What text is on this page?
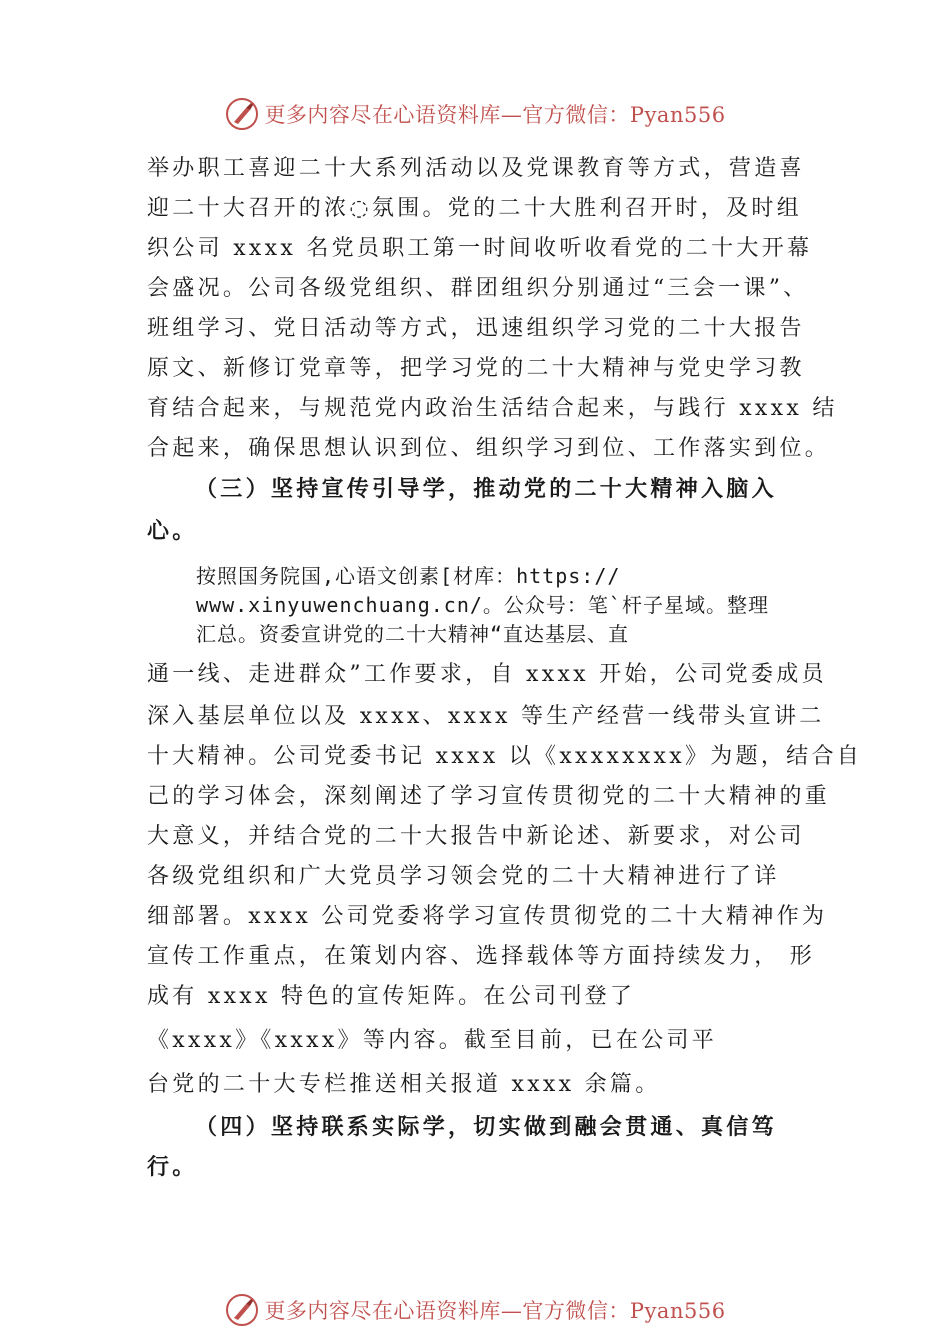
更多内容尽在心语资料库—官方微信：Pyan556
举办职工喜迎二十大系列活动以及党课教育等方式，营造喜
迎二十大召开的浓◌氛围。党的二十大胜利召开时，及时组
织公司 xxxx 名党员职工第一时间收听收看党的二十大开幕
会盛况。公司各级党组织、群团组织分别通过“三会一课”、
班组学习、党日活动等方式，迅速组织学习党的二十大报告
原文、新修订党章等，把学习党的二十大精神与党史学习教
育结合起来，与规范党内政治生活结合起来，与践行 xxxx 结
合起来，确保思想认识到位、组织学习到位、工作落实到位。
（三）坚持宣传引导学，推动党的二十大精神入脑入
心。
按照国务院国,心语文创素[材库：https://
www.xinyuwenchuang.cn/。公众号：笔`杆子星域。整理
汇总。资委宣讲党的二十大精神“直达基层、直
通一线、走进群众”工作要求，自 xxxx 开始，公司党委成员
深入基层单位以及 xxxx、xxxx 等生产经营一线带头宣讲二
十大精神。公司党委书记 xxxx 以《xxxxxxxx》为题，结合自
己的学习体会，深刻阐述了学习宣传贯彻党的二十大精神的重
大意义，并结合党的二十大报告中新论述、新要求，对公司
各级党组织和广大党员学习领会党的二十大精神进行了详
细部署。xxxx 公司党委将学习宣传贯彻党的二十大精神作为
宣传工作重点，在策划内容、选择载体等方面持续发力， 形
成有 xxxx 特色的宣传矩阵。在公司刊登了
《xxxx》《xxxx》等内容。截至目前，已在公司平
台党的二十大专栏推送相关报道 xxxx 余篇。
（四）坚持联系实际学，切实做到融会贯通、真信笃
行。
更多内容尽在心语资料库—官方微信：Pyan556
